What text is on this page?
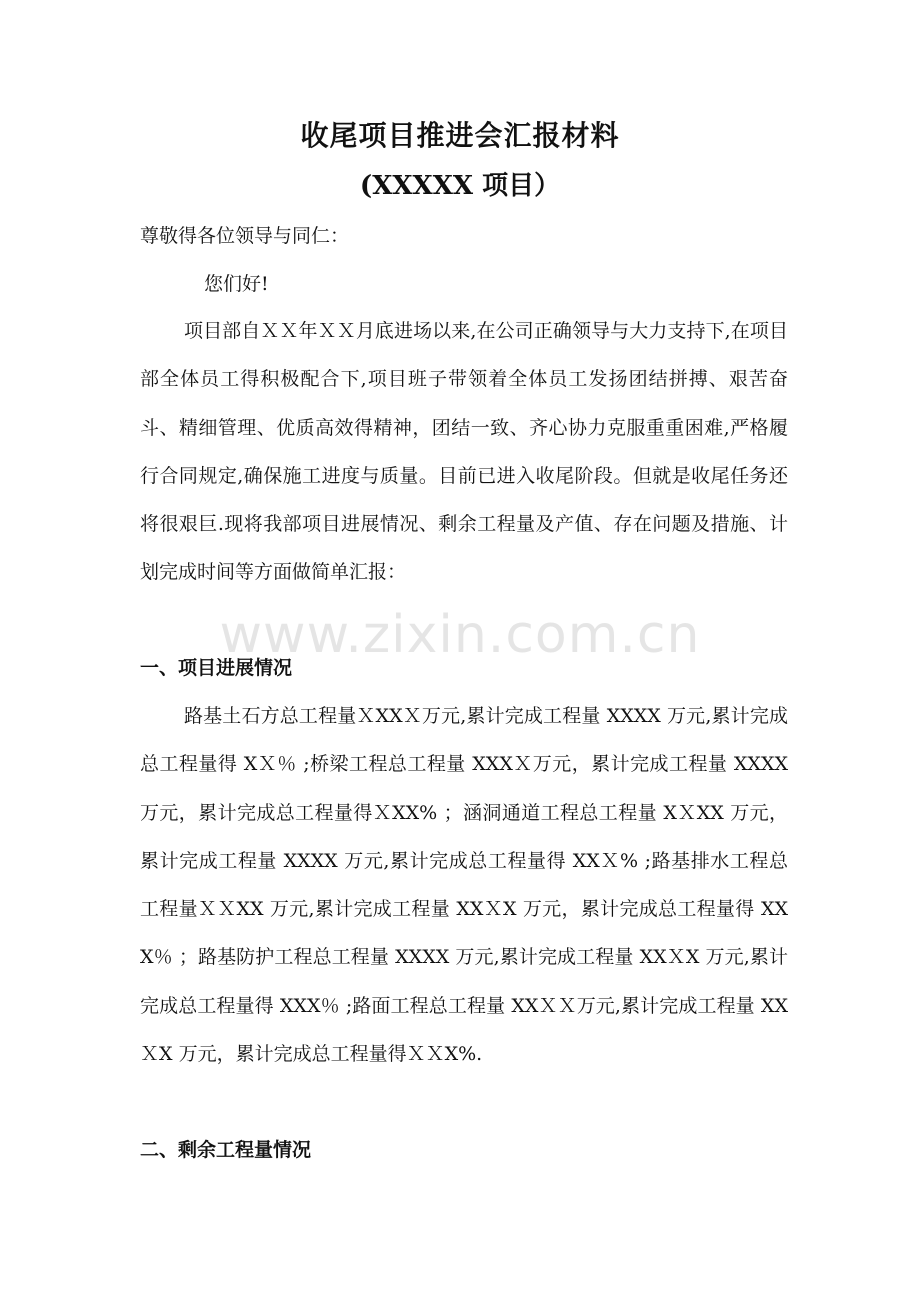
www.zixin.com.cn
收尾项目推进会汇报材料
(XXXXX 项目）
尊敬得各位领导与同仁：
您们好!
项目部自ＸＸ年ＸＸ月底进场以来,在公司正确领导与大力支持下,在项目部全体员工得积极配合下,项目班子带领着全体员工发扬团结拼搏、艰苦奋斗、精细管理、优质高效得精神，团结一致、齐心协力克服重重困难,严格履行合同规定,确保施工进度与质量。目前已进入收尾阶段。但就是收尾任务还将很艰巨.现将我部项目进展情况、剩余工程量及产值、存在问题及措施、计划完成时间等方面做简单汇报：
一、项目进展情况
路基土石方总工程量ＸXXＸ万元,累计完成工程量 XXXX 万元,累计完成总工程量得 XＸ％ ;桥梁工程总工程量 XXXＸ万元，累计完成工程量 XXXX 万元，累计完成总工程量得ＸXX% ；涵洞通道工程总工程量 XＸXX 万元，累计完成工程量 XXXX 万元,累计完成总工程量得 XXＸ% ;路基排水工程总工程量ＸＸXX 万元,累计完成工程量 XXＸX 万元，累计完成总工程量得 XXX％ ；路基防护工程总工程量 XXXX 万元,累计完成工程量 XXＸX 万元,累计完成总工程量得 XXX％ ;路面工程总工程量 XXＸＸ万元,累计完成工程量 XXＸX 万元，累计完成总工程量得ＸＸX%.
二、剩余工程量情况
